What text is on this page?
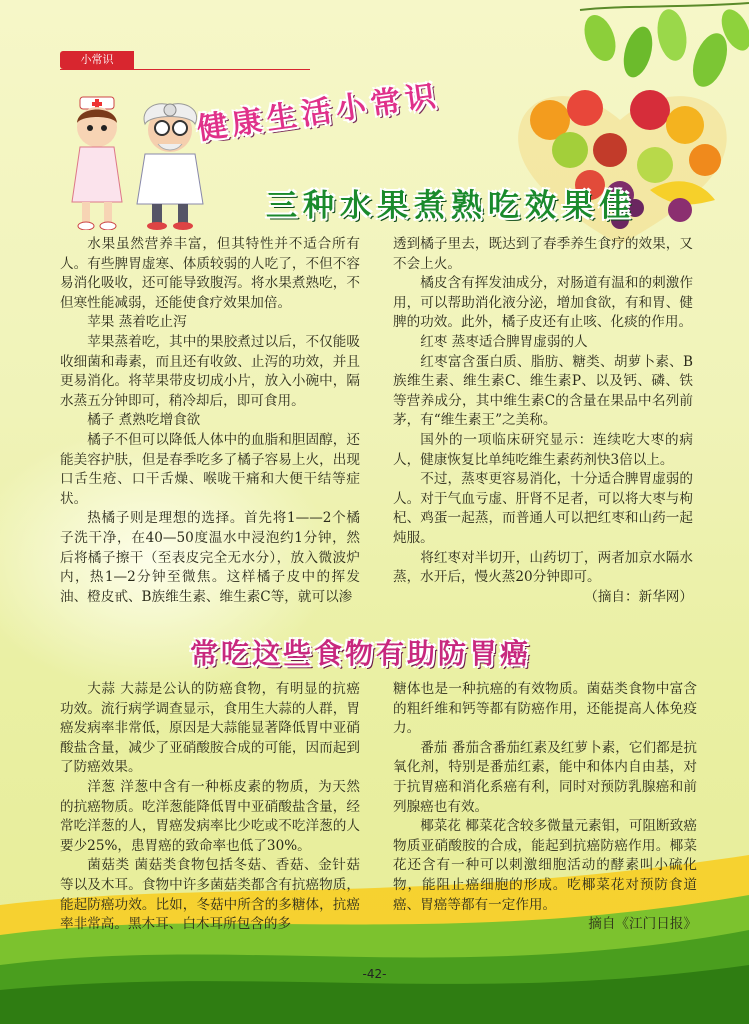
小常识
健康生活小常识
三种水果煮熟吃效果佳

水果虽然营养丰富，但其特性并不适合所有人。有些脾胃虚寒、体质较弱的人吃了，不但不容易消化吸收，还可能导致腹泻。将水果煮熟吃，不但寒性能减弱，还能使食疗效果加倍。

苹果 蒸着吃止泻

苹果蒸着吃，其中的果胶煮过以后，不仅能吸收细菌和毒素，而且还有收敛、止泻的功效，并且更易消化。将苹果带皮切成小片，放入小碗中，隔水蒸五分钟即可，稍冷却后，即可食用。

橘子 煮熟吃增食欲

橘子不但可以降低人体中的血脂和胆固醇，还能美容护肤，但是春季吃多了橘子容易上火，出现口舌生疮、口干舌燥、喉咙干痛和大便干结等症状。

热橘子则是理想的选择。首先将1——2个橘子洗干净，在40—50度温水中浸泡约1分钟，然后将橘子擦干（至表皮完全无水分），放入微波炉内，热1—2分钟至微焦。这样橘子皮中的挥发油、橙皮甙、B族维生素、维生素C等，就可以渗

透到橘子里去，既达到了春季养生食疗的效果，又不会上火。

橘皮含有挥发油成分，对肠道有温和的刺激作用，可以帮助消化液分泌，增加食欲，有和胃、健脾的功效。此外，橘子皮还有止咳、化痰的作用。

红枣 蒸枣适合脾胃虚弱的人

红枣富含蛋白质、脂肪、糖类、胡萝卜素、B族维生素、维生素C、维生素P、以及钙、磷、铁等营养成分，其中维生素C的含量在果品中名列前茅，有“维生素王”之美称。

国外的一项临床研究显示：连续吃大枣的病人，健康恢复比单纯吃维生素药剂快3倍以上。

不过，蒸枣更容易消化，十分适合脾胃虚弱的人。对于气血亏虚、肝肾不足者，可以将大枣与枸杞、鸡蛋一起蒸，而普通人可以把红枣和山药一起炖服。

将红枣对半切开，山药切丁，两者加京水隔水蒸，水开后，慢火蒸20分钟即可。

（摘自：新华网）

常吃这些食物有助防胃癌

大蒜 大蒜是公认的防癌食物，有明显的抗癌功效。流行病学调查显示，食用生大蒜的人群，胃癌发病率非常低，原因是大蒜能显著降低胃中亚硝酸盐含量，减少了亚硝酸胺合成的可能，因而起到了防癌效果。

洋葱 洋葱中含有一种栎皮素的物质，为天然的抗癌物质。吃洋葱能降低胃中亚硝酸盐含量，经常吃洋葱的人，胃癌发病率比少吃或不吃洋葱的人要少25%，患胃癌的致命率也低了30%。

菌菇类 菌菇类食物包括冬菇、香菇、金针菇等以及木耳。食物中许多菌菇类都含有抗癌物质，能起防癌功效。比如，冬菇中所含的多糖体，抗癌率非常高。黑木耳、白木耳所包含的多

糖体也是一种抗癌的有效物质。菌菇类食物中富含的粗纤维和钙等都有防癌作用，还能提高人体免疫力。

番茄 番茄含番茄红素及红萝卜素，它们都是抗氧化剂，特别是番茄红素，能中和体内自由基，对于抗胃癌和消化系癌有利，同时对预防乳腺癌和前列腺癌也有效。

椰菜花 椰菜花含较多微量元素钼，可阻断致癌物质亚硝酸胺的合成，能起到抗癌防癌作用。椰菜花还含有一种可以刺激细胞活动的酵素叫小硫化物，能阻止癌细胞的形成。吃椰菜花对预防食道癌、胃癌等都有一定作用。

摘自《江门日报》

-42-
